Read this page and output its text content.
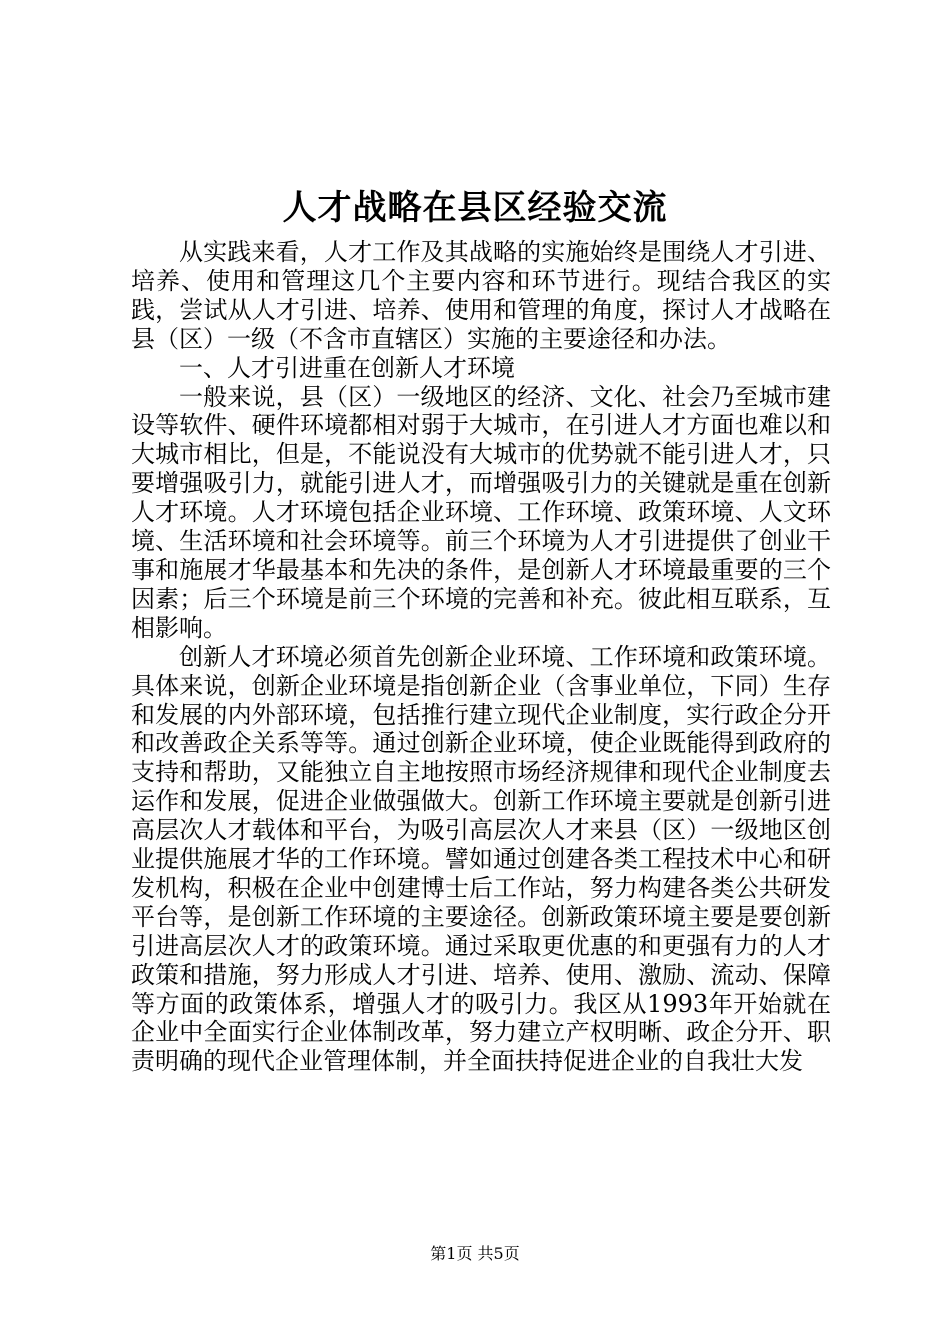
人才战略在县区经验交流

从实践来看，人才工作及其战略的实施始终是围绕人才引进、培养、使用和管理这几个主要内容和环节进行。现结合我区的实践，尝试从人才引进、培养、使用和管理的角度，探讨人才战略在县（区）一级（不含市直辖区）实施的主要途径和办法。

一、人才引进重在创新人才环境

一般来说，县（区）一级地区的经济、文化、社会乃至城市建设等软件、硬件环境都相对弱于大城市，在引进人才方面也难以和大城市相比，但是，不能说没有大城市的优势就不能引进人才，只要增强吸引力，就能引进人才，而增强吸引力的关键就是重在创新人才环境。人才环境包括企业环境、工作环境、政策环境、人文环境、生活环境和社会环境等。前三个环境为人才引进提供了创业干事和施展才华最基本和先决的条件，是创新人才环境最重要的三个因素；后三个环境是前三个环境的完善和补充。彼此相互联系，互相影响。

创新人才环境必须首先创新企业环境、工作环境和政策环境。具体来说，创新企业环境是指创新企业（含事业单位，下同）生存和发展的内外部环境，包括推行建立现代企业制度，实行政企分开和改善政企关系等等。通过创新企业环境，使企业既能得到政府的支持和帮助，又能独立自主地按照市场经济规律和现代企业制度去运作和发展，促进企业做强做大。创新工作环境主要就是创新引进高层次人才载体和平台，为吸引高层次人才来县（区）一级地区创业提供施展才华的工作环境。譬如通过创建各类工程技术中心和研发机构，积极在企业中创建博士后工作站，努力构建各类公共研发平台等，是创新工作环境的主要途径。创新政策环境主要是要创新引进高层次人才的政策环境。通过采取更优惠的和更强有力的人才政策和措施，努力形成人才引进、培养、使用、激励、流动、保障等方面的政策体系，增强人才的吸引力。我区从1993年开始就在企业中全面实行企业体制改革，努力建立产权明晰、政企分开、职责明确的现代企业管理体制，并全面扶持促进企业的自我壮大发

第1页 共5页
